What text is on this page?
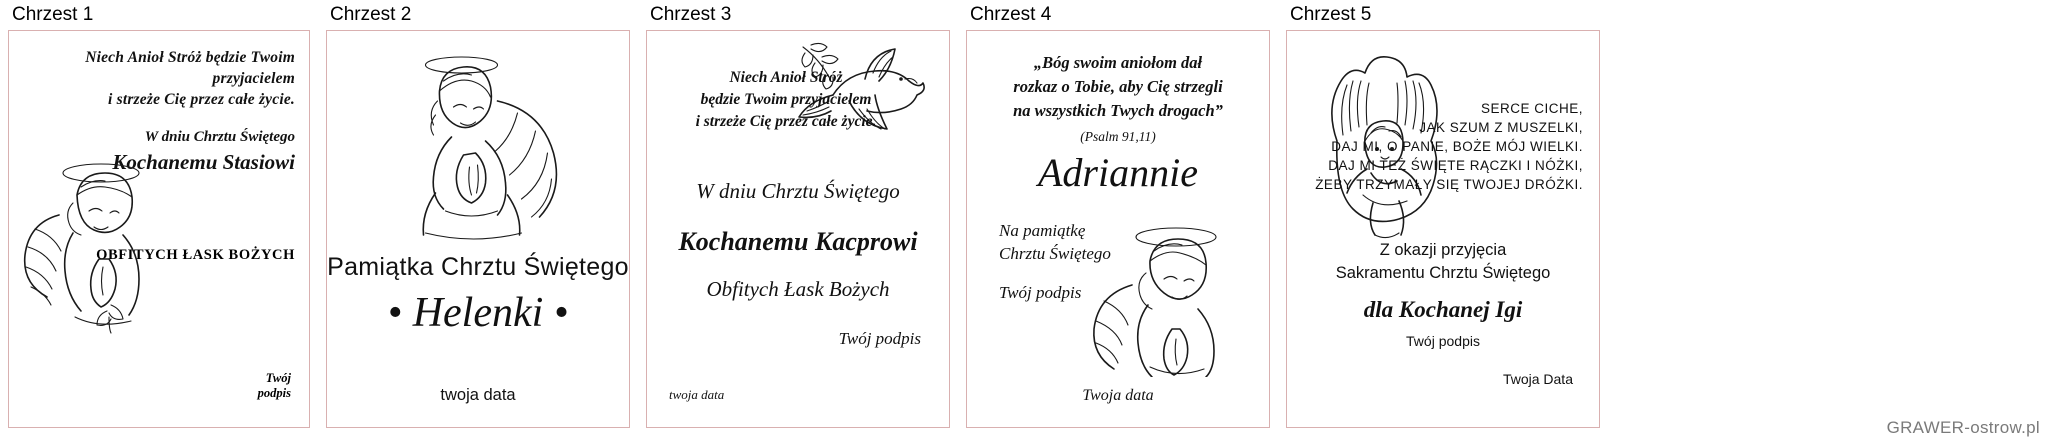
Chrzest 1
Niech Anioł Stróż będzie Twoim przyjacielem
i strzeże Cię przez całe życie.
W dniu Chrztu Świętego
Kochanemu Stasiowi
OBFITYCH ŁASK BOŻYCH
Twój
podpis
Chrzest 2
Pamiątka Chrztu Świętego
• Helenki •
twoja data
Chrzest 3
Niech Anioł Stróż
będzie Twoim przyjacielem
i strzeże Cię przez całe życie.
W dniu Chrztu Świętego
Kochanemu Kacprowi
Obfitych Łask Bożych
Twój podpis
twoja data
Chrzest 4
„Bóg swoim aniołom dał
rozkaz o Tobie, aby Cię strzegli
na wszystkich Twych drogach”
(Psalm 91,11)
Adriannie
Na pamiątkę
Chrztu Świętego
Twój podpis
Twoja data
Chrzest 5
SERCE CICHE,
JAK SZUM Z MUSZELKI,
DAJ MI, O PANIE, BOŻE MÓJ WIELKI.
DAJ MI TEŻ ŚWIĘTE RĄCZKI I NÓŻKI,
ŻEBY TRZYMAŁY SIĘ TWOJEJ DRÓŻKI.
Z okazji przyjęcia
Sakramentu Chrztu Świętego
dla Kochanej Igi
Twój podpis
Twoja Data
GRAWER-ostrow.pl
